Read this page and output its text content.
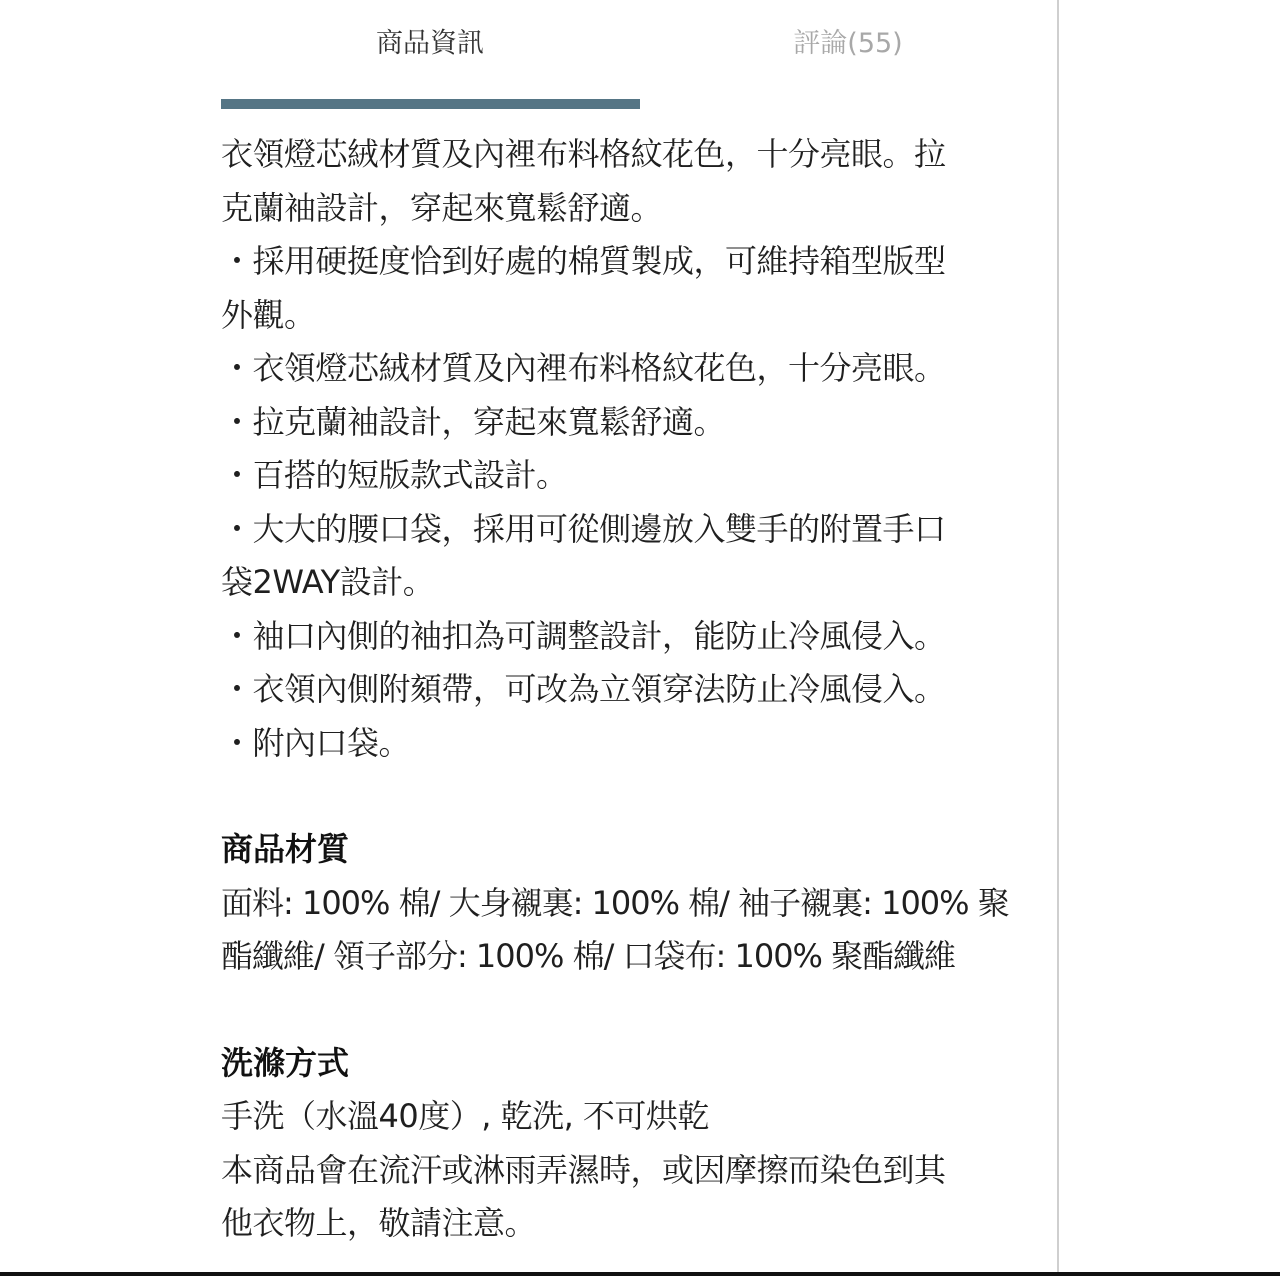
商品資訊	評論(55)
衣領燈芯絨材質及內裡布料格紋花色，十分亮眼。拉
克蘭袖設計，穿起來寬鬆舒適。
・採用硬挺度恰到好處的棉質製成，可維持箱型版型
外觀。
・衣領燈芯絨材質及內裡布料格紋花色，十分亮眼。
・拉克蘭袖設計，穿起來寬鬆舒適。
・百搭的短版款式設計。
・大大的腰口袋，採用可從側邊放入雙手的附置手口
袋2WAY設計。
・袖口內側的袖扣為可調整設計，能防止冷風侵入。
・衣領內側附頦帶，可改為立領穿法防止冷風侵入。
・附內口袋。
商品材質
面料: 100% 棉/ 大身襯裏: 100% 棉/ 袖子襯裏: 100% 聚
酯纖維/ 領子部分: 100% 棉/ 口袋布: 100% 聚酯纖維
洗滌方式
手洗（水溫40度）, 乾洗, 不可烘乾
本商品會在流汗或淋雨弄濕時，或因摩擦而染色到其
他衣物上，敬請注意。
